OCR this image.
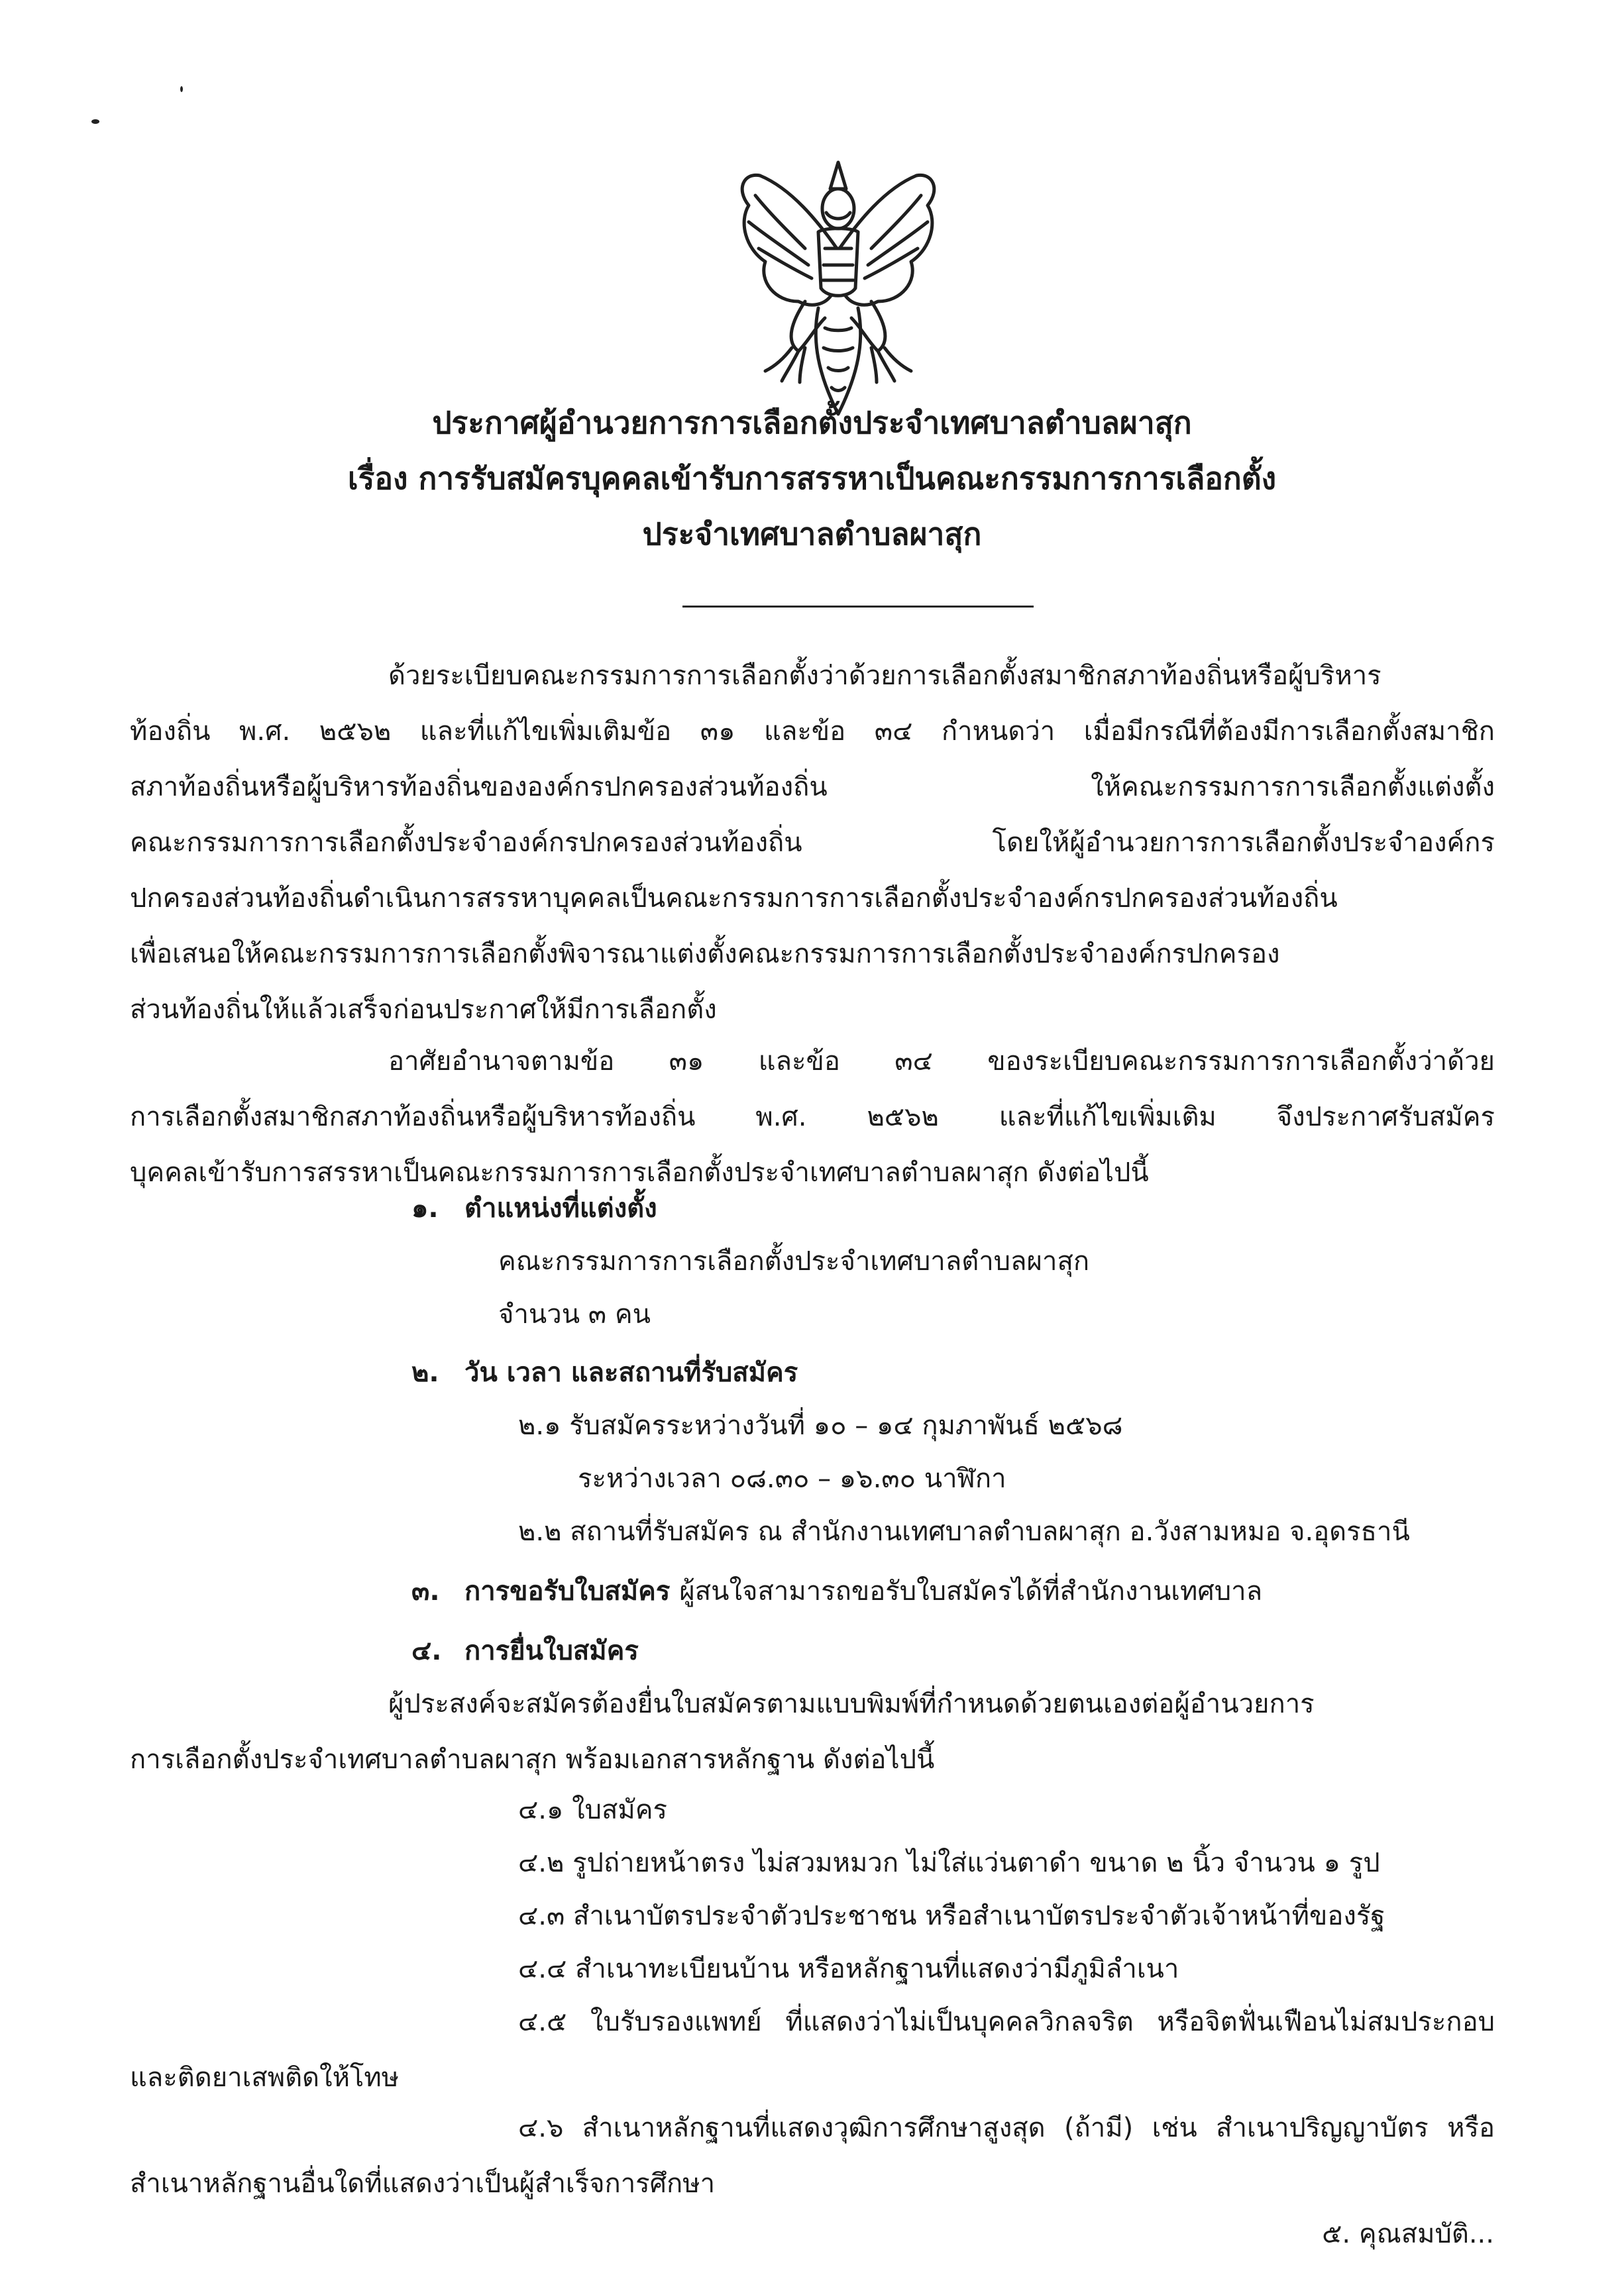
ประกาศผู้อำนวยการการเลือกตั้งประจำเทศบาลตำบลผาสุก
เรื่อง การรับสมัครบุคคลเข้ารับการสรรหาเป็นคณะกรรมการการเลือกตั้ง
ประจำเทศบาลตำบลผาสุก
ด้วยระเบียบคณะกรรมการการเลือกตั้งว่าด้วยการเลือกตั้งสมาชิกสภาท้องถิ่นหรือผู้บริหาร
ท้องถิ่น พ.ศ. ๒๕๖๒ และที่แก้ไขเพิ่มเติมข้อ ๓๑ และข้อ ๓๔ กำหนดว่า เมื่อมีกรณีที่ต้องมีการเลือกตั้งสมาชิก
สภาท้องถิ่นหรือผู้บริหารท้องถิ่นขององค์กรปกครองส่วนท้องถิ่น ให้คณะกรรมการการเลือกตั้งแต่งตั้ง
คณะกรรมการการเลือกตั้งประจำองค์กรปกครองส่วนท้องถิ่น โดยให้ผู้อำนวยการการเลือกตั้งประจำองค์กร
ปกครองส่วนท้องถิ่นดำเนินการสรรหาบุคคลเป็นคณะกรรมการการเลือกตั้งประจำองค์กรปกครองส่วนท้องถิ่น
เพื่อเสนอให้คณะกรรมการการเลือกตั้งพิจารณาแต่งตั้งคณะกรรมการการเลือกตั้งประจำองค์กรปกครอง
ส่วนท้องถิ่นให้แล้วเสร็จก่อนประกาศให้มีการเลือกตั้ง
อาศัยอำนาจตามข้อ ๓๑ และข้อ ๓๔ ของระเบียบคณะกรรมการการเลือกตั้งว่าด้วย
การเลือกตั้งสมาชิกสภาท้องถิ่นหรือผู้บริหารท้องถิ่น พ.ศ. ๒๕๖๒ และที่แก้ไขเพิ่มเติม จึงประกาศรับสมัคร
บุคคลเข้ารับการสรรหาเป็นคณะกรรมการการเลือกตั้งประจำเทศบาลตำบลผาสุก ดังต่อไปนี้
๑. ตำแหน่งที่แต่งตั้ง
คณะกรรมการการเลือกตั้งประจำเทศบาลตำบลผาสุก
จำนวน ๓ คน
๒. วัน เวลา และสถานที่รับสมัคร
๒.๑ รับสมัครระหว่างวันที่ ๑๐ – ๑๔ กุมภาพันธ์ ๒๕๖๘
ระหว่างเวลา ๐๘.๓๐ – ๑๖.๓๐ นาฬิกา
๒.๒ สถานที่รับสมัคร ณ สำนักงานเทศบาลตำบลผาสุก อ.วังสามหมอ จ.อุดรธานี
๓. การขอรับใบสมัคร ผู้สนใจสามารถขอรับใบสมัครได้ที่สำนักงานเทศบาล
๔. การยื่นใบสมัคร
ผู้ประสงค์จะสมัครต้องยื่นใบสมัครตามแบบพิมพ์ที่กำหนดด้วยตนเองต่อผู้อำนวยการ
การเลือกตั้งประจำเทศบาลตำบลผาสุก พร้อมเอกสารหลักฐาน ดังต่อไปนี้
๔.๑ ใบสมัคร
๔.๒ รูปถ่ายหน้าตรง ไม่สวมหมวก ไม่ใส่แว่นตาดำ ขนาด ๒ นิ้ว จำนวน ๑ รูป
๔.๓ สำเนาบัตรประจำตัวประชาชน หรือสำเนาบัตรประจำตัวเจ้าหน้าที่ของรัฐ
๔.๔ สำเนาทะเบียนบ้าน หรือหลักฐานที่แสดงว่ามีภูมิลำเนา
๔.๕ ใบรับรองแพทย์ ที่แสดงว่าไม่เป็นบุคคลวิกลจริต หรือจิตฟั่นเฟือนไม่สมประกอบ
และติดยาเสพติดให้โทษ
๔.๖ สำเนาหลักฐานที่แสดงวุฒิการศึกษาสูงสุด (ถ้ามี) เช่น สำเนาปริญญาบัตร หรือ
สำเนาหลักฐานอื่นใดที่แสดงว่าเป็นผู้สำเร็จการศึกษา
๕. คุณสมบัติ...
